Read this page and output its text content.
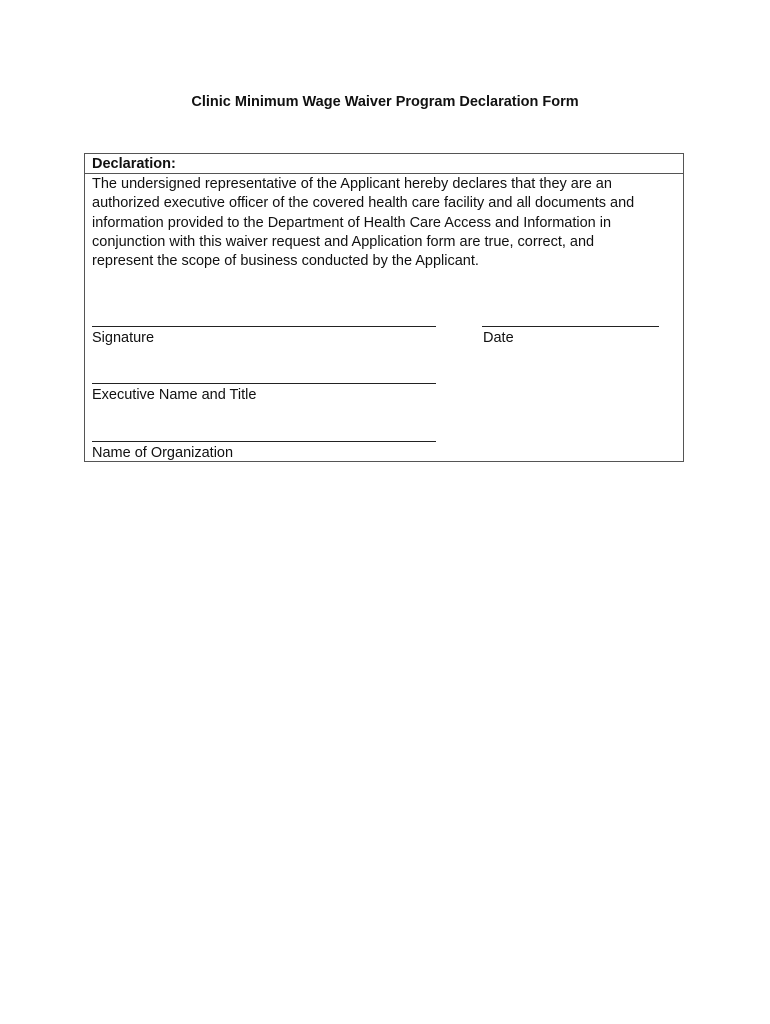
Clinic Minimum Wage Waiver Program Declaration Form
Declaration:
The undersigned representative of the Applicant hereby declares that they are an
authorized executive officer of the covered health care facility and all documents and
information provided to the Department of Health Care Access and Information in
conjunction with this waiver request and Application form are true, correct, and
represent the scope of business conducted by the Applicant.
Signature	Date
Executive Name and Title
Name of Organization
